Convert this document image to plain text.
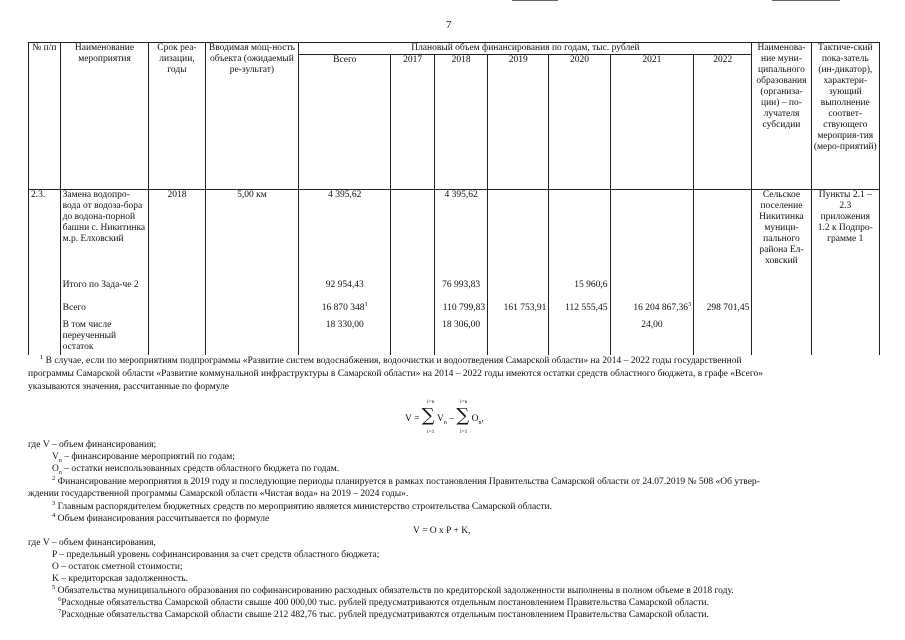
7
№ п/п	Наименование мероприятия	Срок реа-лизации, годы	Вводимая мощ-ность объекта (ожидаемый ре-зультат)	Плановый объем финансирования по годам, тыс. рублей							Наименова-ние муни-ципального образования (организа-ции) – по-лучателя субсидии	Тактиче-ский пока-затель (ин-дикатор), характери-зующий выполнение соответ-ствующего мероприя-тия (меро-приятий)
				Всего	2017	2018	2019	2020	2021	2022		
2.3.	Замена водопро-вода от водоза-бора до водона-порной башни с. Никитинка м.р. Елховский	2018	5,00 км	4 395,62		4 395,62					Сельское поселение Никитинка муници-пального района Ел-ховский	Пункты 2.1 – 2.3 приложения 1.2 к Подпро-грамме 1
	Итого по Зада-че 2			92 954,43		76 993,83		15 960,6				
	Всего			16 870 $348^1$		110 799,83	161 753,91	112 555,45	16 204 867,36$^3$	298 701,45		
	В том числе переученный остаток			18 330,00		18 306,00			24,00			
$^1$ В случае, если по мероприятиям подпрограммы «Развитие систем водоснабжения, водоочистки и водоотведения Самарской области» на 2014 – 2022 годы государственной
программы Самарской области «Развитие коммунальной инфраструктуры в Самарской области» на 2014 – 2022 годы имеются остатки средств областного бюджета, в графе «Всего»
указываются значения, рассчитанные по формуле
где V – объем финансирования;
$V_n$ – финансирование мероприятий по годам;
$O_n$ – остатки неиспользованных средств областного бюджета по годам.
$^2$ Финансирование мероприятия в 2019 году и последующие периоды планируется в рамках постановления Правительства Самарской области от 24.07.2019 № 508 «Об утвер-
ждении государственной программы Самарской области «Чистая вода» на 2019 – 2024 годы».
$^3$ Главным распорядителем бюджетных средств по мероприятию является министерство строительства Самарской области.
$^4$ Объем финансирования рассчитывается по формуле
V = O x P + K,
где V – объем финансирования,
P – предельный уровень софинансирования за счет средств областного бюджета;
O – остаток сметной стоимости;
K – кредиторская задолженность.
$^5$ Обязательства муниципального образования по софинансированию расходных обязательств по кредиторской задолженности выполнены в полном объеме в 2018 году.
$^6$Расходные обязательства Самарской области свыше 400 000,00 тыс. рублей предусматриваются отдельным постановлением Правительства Самарской области.
$^7$Расходные обязательства Самарской области свыше 212 482,76 тыс. рублей предусматриваются отдельным постановлением Правительства Самарской области.
V = ∑
i=n
i=1
$V_n$ – ∑
i=n
i=1
$O_n$,
